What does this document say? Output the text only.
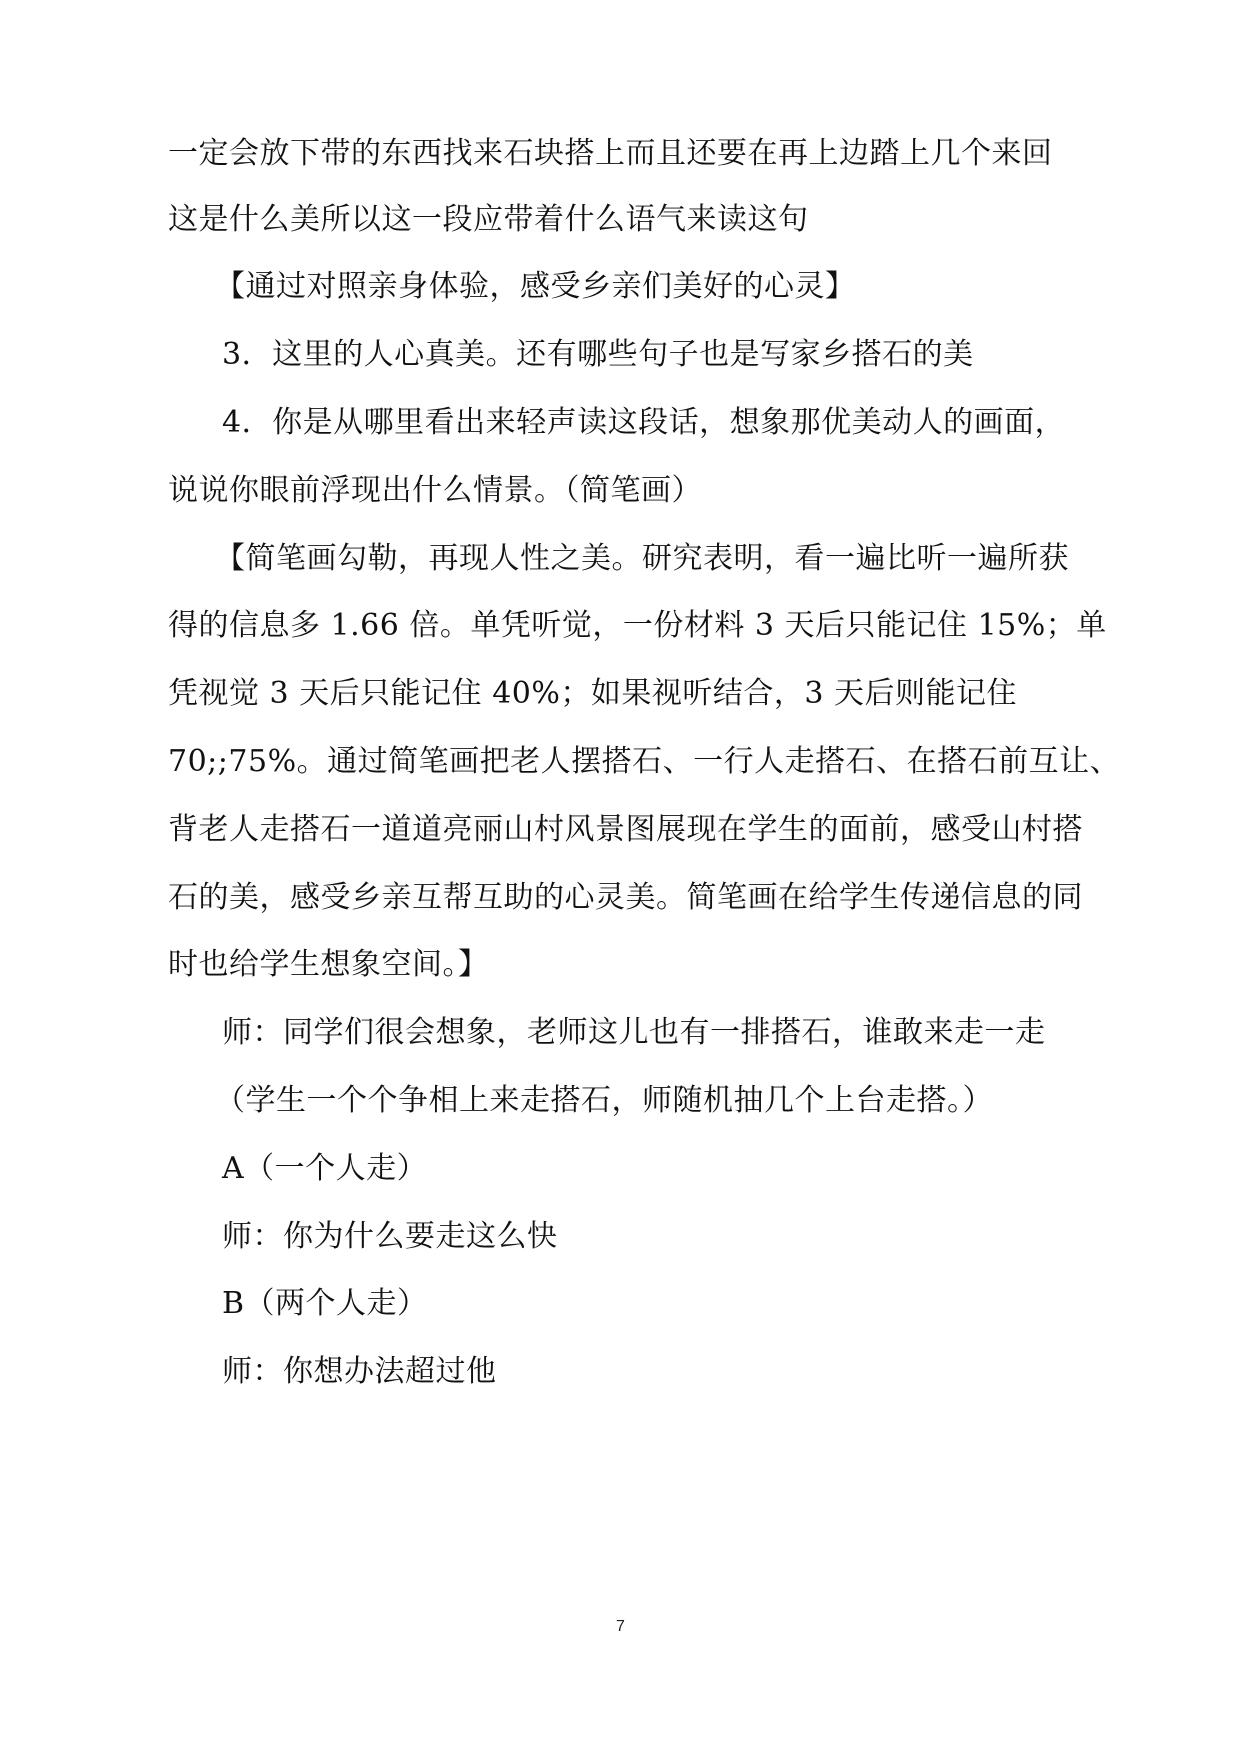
一定会放下带的东西找来石块搭上而且还要在再上边踏上几个来回
这是什么美所以这一段应带着什么语气来读这句
【通过对照亲身体验，感受乡亲们美好的心灵】
3．这里的人心真美。还有哪些句子也是写家乡搭石的美
4．你是从哪里看出来轻声读这段话，想象那优美动人的画面，
说说你眼前浮现出什么情景。（简笔画）
【简笔画勾勒，再现人性之美。研究表明，看一遍比听一遍所获
得的信息多 1.66 倍。单凭听觉，一份材料 3 天后只能记住 15%；单
凭视觉 3 天后只能记住 40%；如果视听结合，3 天后则能记住
70;;75%。通过简笔画把老人摆搭石、一行人走搭石、在搭石前互让、
背老人走搭石一道道亮丽山村风景图展现在学生的面前，感受山村搭
石的美，感受乡亲互帮互助的心灵美。简笔画在给学生传递信息的同
时也给学生想象空间。】
师：同学们很会想象，老师这儿也有一排搭石，谁敢来走一走
（学生一个个争相上来走搭石，师随机抽几个上台走搭。）
A（一个人走）
师：你为什么要走这么快
B（两个人走）
师：你想办法超过他
7
